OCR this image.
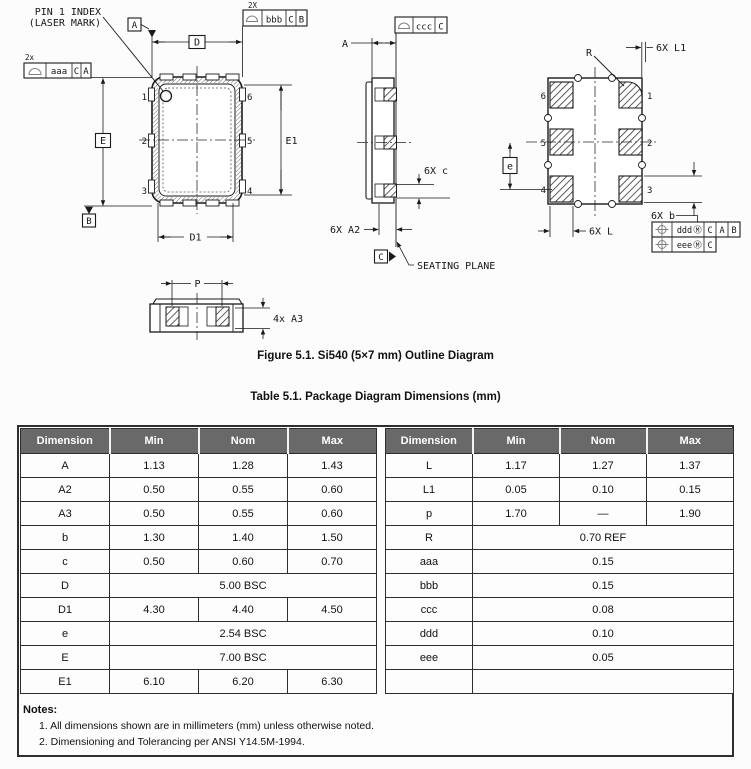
1
2
3
6
5
4
PIN 1 INDEX
(LASER MARK)	A
D
2x
aaa C A
E
B
E1
D1
2X
bbb C B
ccc C
A
6X c
6X A2
C
SEATING PLANE
6
5
4
1
2
3
R	6X L1
e
6X L
6X b
ddd M C A B
eee M C
P
4x A3
Figure 5.1. Si540 (5×7 mm) Outline Diagram
Table 5.1. Package Diagram Dimensions (mm)
Dimension	Min	Nom	Max
A	1.13	1.28	1.43
A2	0.50	0.55	0.60
A3	0.50	0.55	0.60
b	1.30	1.40	1.50
c	0.50	0.60	0.70
D	5.00 BSC		
D1	4.30	4.40	4.50
e	2.54 BSC		
E	7.00 BSC		
E1	6.10	6.20	6.30
Dimension	Min	Nom	Max
L	1.17	1.27	1.37
L1	0.05	0.10	0.15
p	1.70	—	1.90
R	0.70 REF		
aaa	0.15		
bbb	0.15		
ccc	0.08		
ddd	0.10		
eee	0.05		

Notes:
1. All dimensions shown are in millimeters (mm) unless otherwise noted.
2. Dimensioning and Tolerancing per ANSI Y14.5M-1994.
